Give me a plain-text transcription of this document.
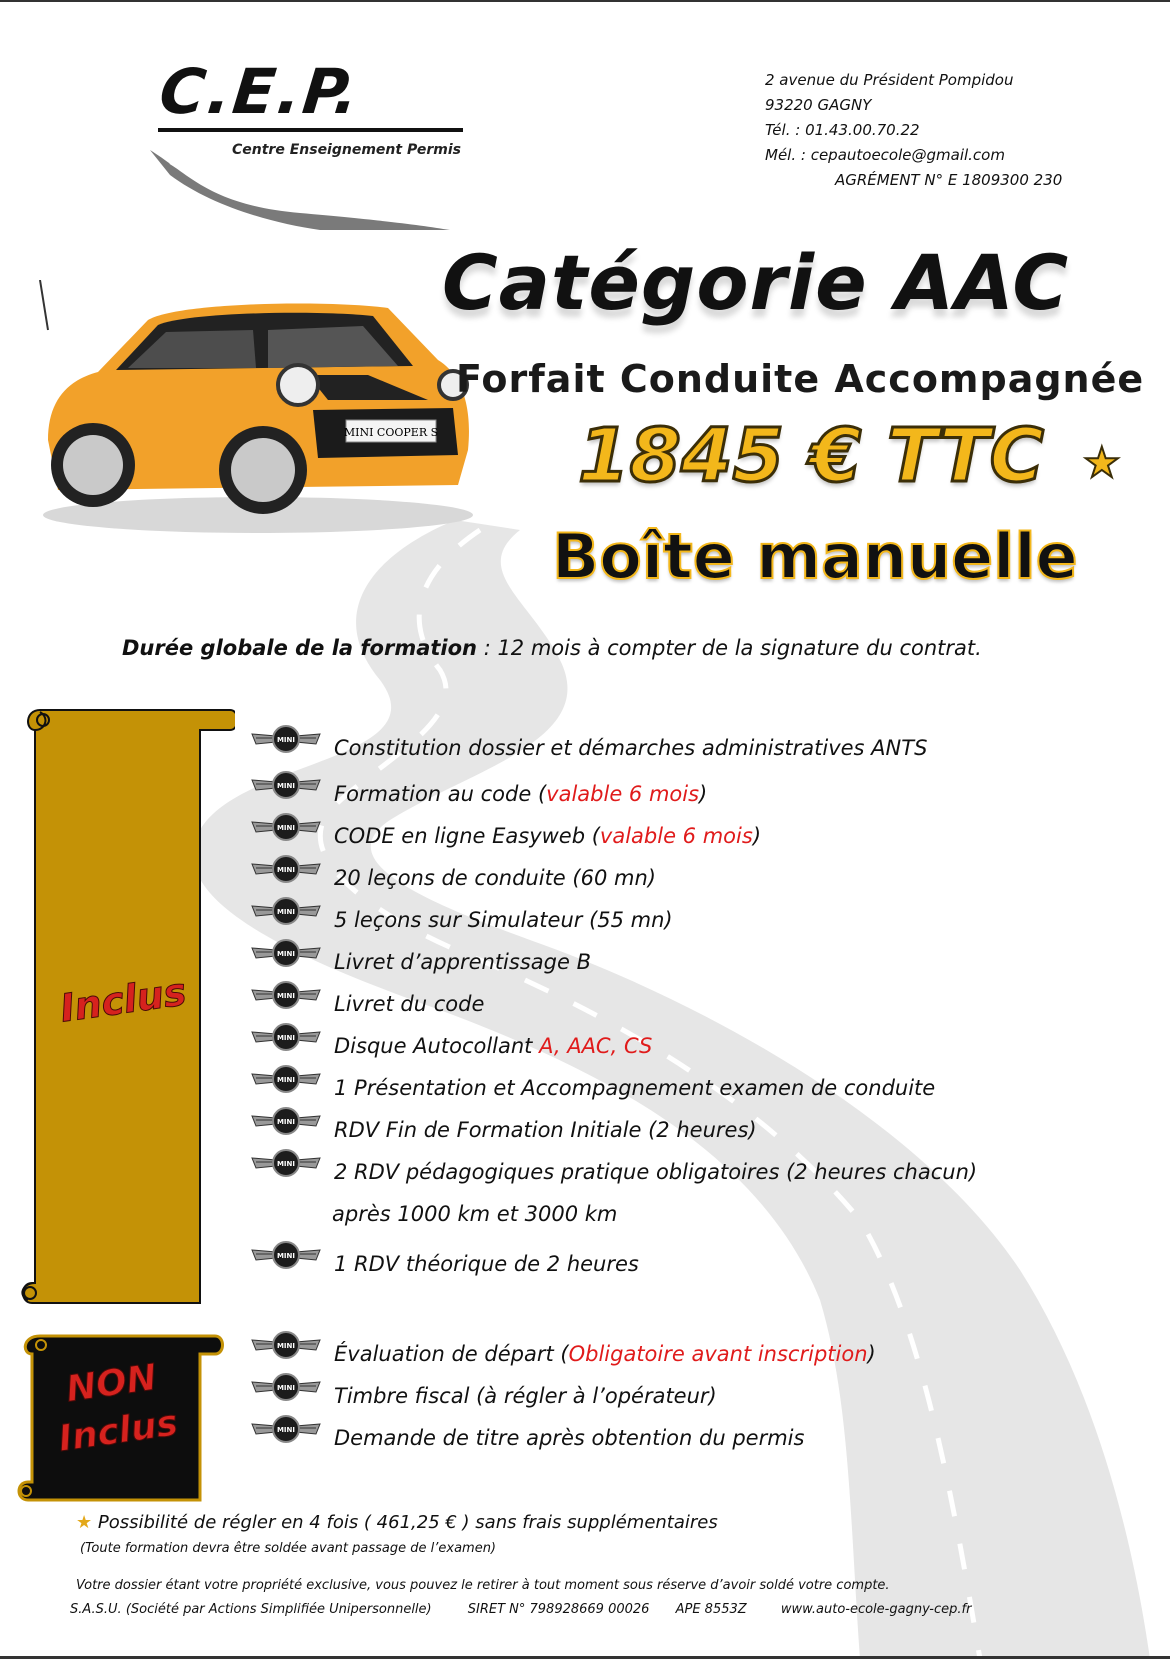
C.E.P.
Centre Enseignement Permis
2 avenue du Président Pompidou
93220 GAGNY
Tél. : 01.43.00.70.22
Mél. : cepautoecole@gmail.com
AGRÉMENT N° E 1809300 230
MINI COOPER S
Catégorie AAC
Forfait Conduite Accompagnée
1845 € TTC ★
Boîte manuelle
Durée globale de la formation : 12 mois à compter de la signature du contrat.
Inclus
NON
Inclus
MINI Constitution dossier et démarches administratives ANTS
MINI Formation au code (valable 6 mois)
MINI CODE en ligne Easyweb (valable 6 mois)
MINI 20 leçons de conduite (60 mn)
MINI 5 leçons sur Simulateur (55 mn)
MINI Livret d’apprentissage B
MINI Livret du code
MINI Disque Autocollant A, AAC, CS
MINI 1 Présentation et Accompagnement examen de conduite
MINI RDV Fin de Formation Initiale (2 heures)
MINI 2 RDV pédagogiques pratique obligatoires (2 heures chacun)
après 1000 km et 3000 km
MINI 1 RDV théorique de 2 heures
MINI Évaluation de départ (Obligatoire avant inscription)
MINI Timbre fiscal (à régler à l’opérateur)
MINI Demande de titre après obtention du permis
★ Possibilité de régler en 4 fois ( 461,25 € ) sans frais supplémentaires
(Toute formation devra être soldée avant passage de l’examen)
Votre dossier étant votre propriété exclusive, vous pouvez le retirer à tout moment sous réserve d’avoir soldé votre compte.
S.A.S.U. (Société par Actions Simplifiée Unipersonnelle)	SIRET N° 798928669 00026 APE 8553Z	www.auto-ecole-gagny-cep.fr
